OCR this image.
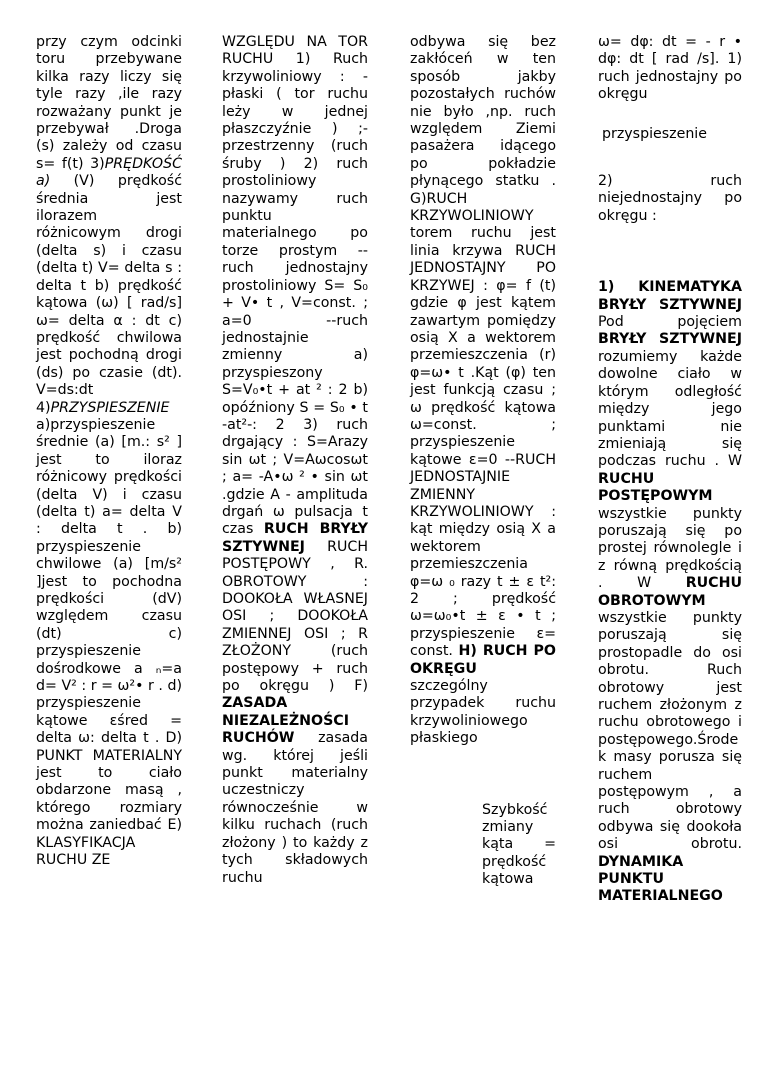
przy czym odcinki toru przebywane kilka razy liczy się tyle razy ,ile razy rozważany punkt je przebywał .Droga (s) zależy od czasu s= f(t) 3)PRĘDKOŚĆ a) (V) prędkość średnia jest ilorazem różnicowym drogi (delta s) i czasu (delta t) V= delta s : delta t b) prędkość kątowa (ω) [ rad/s] ω= delta α : dt c) prędkość chwilowa jest pochodną drogi (ds) po czasie (dt). V=ds:dt 4)PRZYSPIESZENIE a)przyspieszenie średnie (a) [m.: s² ] jest to iloraz różnicowy prędkości (delta V) i czasu (delta t) a= delta V : delta t . b) przyspieszenie chwilowe (a) [m/s² ]jest to pochodna prędkości (dV) względem czasu (dt) c) przyspieszenie dośrodkowe a ₙ=a d= V² : r = ω²• r . d) przyspieszenie kątowe εśred = delta ω: delta t . D) PUNKT MATERIALNY jest to ciało obdarzone masą , którego rozmiary można zaniedbać E) KLASYFIKACJA RUCHU ZE
WZGLĘDU NA TOR RUCHU 1) Ruch krzywoliniowy : -płaski ( tor ruchu leży w jednej płaszczyźnie ) ;- przestrzenny (ruch śruby ) 2) ruch prostoliniowy nazywamy ruch punktu materialnego po torze prostym -- ruch jednostajny prostoliniowy S= S₀ + V• t , V=const. ; a=0 --ruch jednostajnie zmienny a) przyspieszony S=V₀•t + at ² : 2 b) opóźniony S = S₀ • t -at²-: 2 3) ruch drgający : S=Arazy sin ωt ; V=Aωcosωt ; a= -A•ω ² • sin ωt .gdzie A - amplituda drgań ω pulsacja t czas RUCH BRYŁY SZTYWNEJ RUCH POSTĘPOWY , R. OBROTOWY : DOOKOŁA WŁASNEJ OSI ; DOOKOŁA ZMIENNEJ OSI ; R ZŁOŻONY (ruch postępowy + ruch po okręgu ) F) ZASADA NIEZALEŻNOŚCI RUCHÓW zasada wg. której jeśli punkt materialny uczestniczy równocześnie w kilku ruchach (ruch złożony ) to każdy z tych składowych ruchu
odbywa się bez zakłóceń w ten sposób jakby pozostałych ruchów nie było ,np. ruch względem Ziemi pasażera idącego po pokładzie płynącego statku . G)RUCH KRZYWOLINIOWY torem ruchu jest linia krzywa RUCH JEDNOSTAJNY PO KRZYWEJ : φ= f (t) gdzie φ jest kątem zawartym pomiędzy osią X a wektorem przemieszczenia (r) φ=ω• t .Kąt (φ) ten jest funkcją czasu ; ω prędkość kątowa ω=const. ; przyspieszenie kątowe ε=0 --RUCH JEDNOSTAJNIE ZMIENNY KRZYWOLINIOWY : kąt między osią X a wektorem przemieszczenia φ=ω ₀ razy t ± ε t²: 2 ; prędkość ω=ω₀•t ± ε • t ; przyspieszenie ε= const. H) RUCH PO OKRĘGU szczególny przypadek ruchu krzywoliniowego płaskiego
Szybkość zmiany kąta = prędkość kątowa
ω= dφ: dt = - r • dφ: dt [ rad /s]. 1) ruch jednostajny po okręgu
przyspieszenie
2) ruch niejednostajny po okręgu :
1) KINEMATYKA BRYŁY SZTYWNEJ Pod pojęciem BRYŁY SZTYWNEJ rozumiemy każde dowolne ciało w którym odległość między jego punktami nie zmieniają się podczas ruchu . W RUCHU POSTĘPOWYM wszystkie punkty poruszają się po prostej równolegle i z równą prędkością . W RUCHU OBROTOWYM wszystkie punkty poruszają się prostopadle do osi obrotu. Ruch obrotowy jest ruchem złożonym z ruchu obrotowego i postępowego.Środek masy porusza się ruchem postępowym , a ruch obrotowy odbywa się dookoła osi obrotu. DYNAMIKA PUNKTU MATERIALNEGO
